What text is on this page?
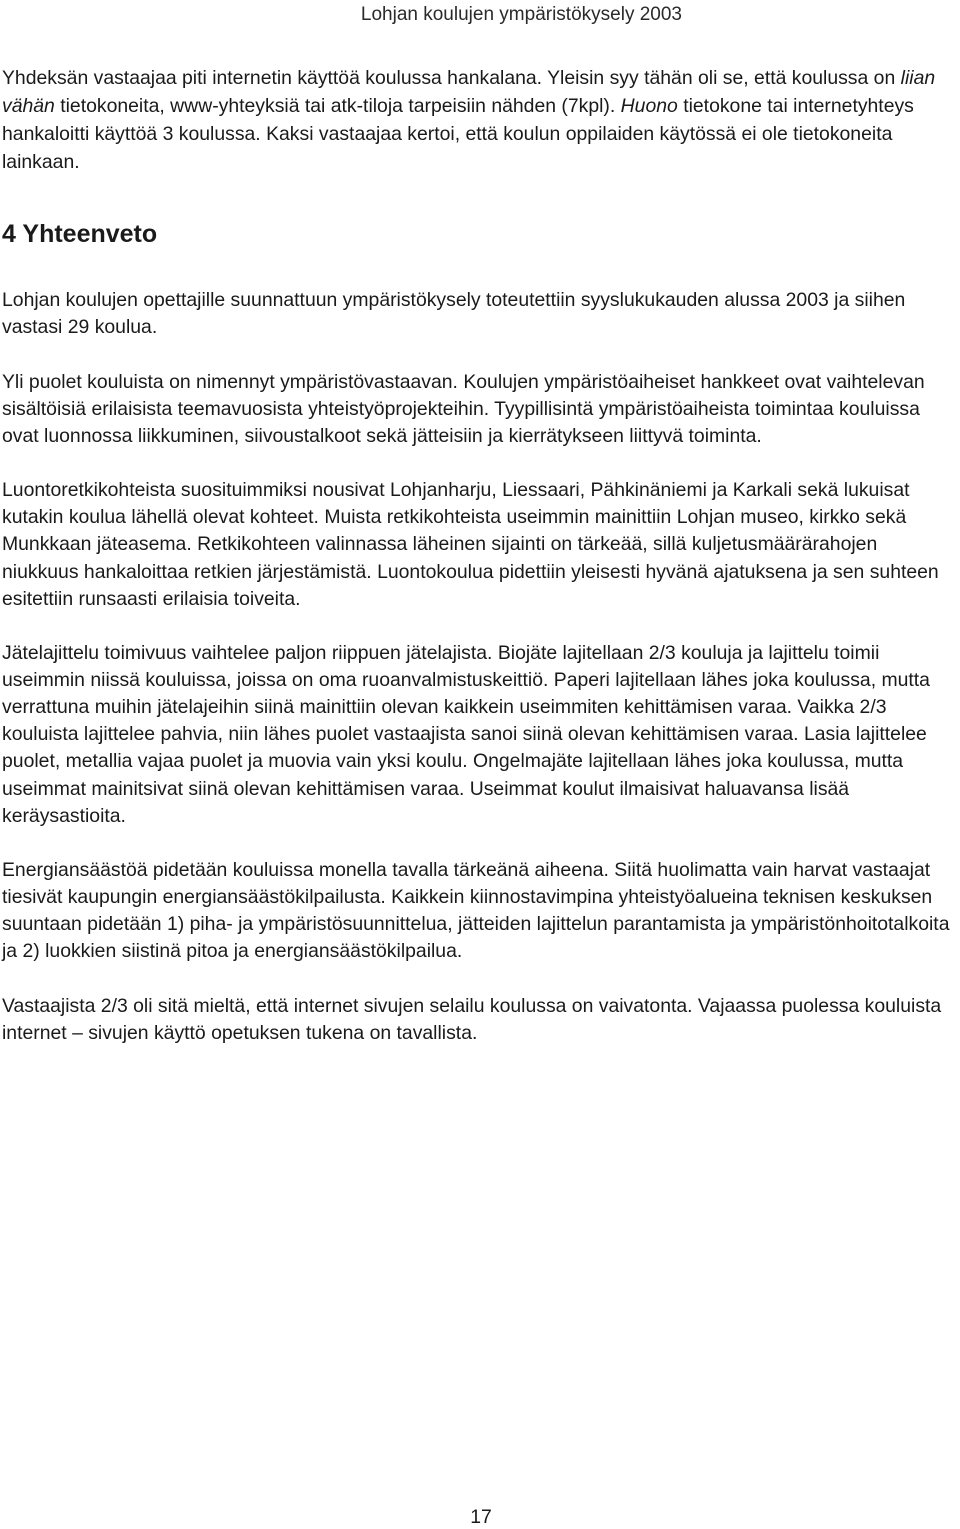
Lohjan koulujen ympäristökysely 2003

Yhdeksän vastaajaa piti internetin käyttöä koulussa hankalana. Yleisin syy tähän oli se, että koulussa on liian vähän tietokoneita, www-yhteyksiä tai atk-tiloja tarpeisiin nähden (7kpl). Huono tietokone tai internetyhteys hankaloitti käyttöä 3 koulussa. Kaksi vastaajaa kertoi, että koulun oppilaiden käytössä ei ole tietokoneita lainkaan.

4 Yhteenveto

Lohjan koulujen opettajille suunnattuun ympäristökysely toteutettiin syyslukukauden alussa 2003 ja siihen vastasi 29 koulua.

Yli puolet kouluista on nimennyt ympäristövastaavan. Koulujen ympäristöaiheiset hankkeet ovat vaihtelevan sisältöisiä erilaisista teemavuosista yhteistyöprojekteihin. Tyypillisintä ympäristöaiheista toimintaa kouluissa ovat luonnossa liikkuminen, siivoustalkoot sekä jätteisiin ja kierrätykseen liittyvä toiminta.

Luontoretkikohteista suosituimmiksi nousivat Lohjanharju, Liessaari, Pähkinäniemi ja Karkali sekä lukuisat kutakin koulua lähellä olevat kohteet. Muista retkikohteista useimmin mainittiin Lohjan museo, kirkko sekä Munkkaan jäteasema. Retkikohteen valinnassa läheinen sijainti on tärkeää, sillä kuljetusmäärärahojen niukkuus hankaloittaa retkien järjestämistä. Luontokoulua pidettiin yleisesti hyvänä ajatuksena ja sen suhteen esitettiin runsaasti erilaisia toiveita.

Jätelajittelu toimivuus vaihtelee paljon riippuen jätelajista. Biojäte lajitellaan 2/3 kouluja ja lajittelu toimii useimmin niissä kouluissa, joissa on oma ruoanvalmistuskeittiö. Paperi lajitellaan lähes joka koulussa, mutta verrattuna muihin jätelajeihin siinä mainittiin olevan kaikkein useimmiten kehittämisen varaa. Vaikka 2/3 kouluista lajittelee pahvia, niin lähes puolet vastaajista sanoi siinä olevan kehittämisen varaa. Lasia lajittelee puolet, metallia vajaa puolet ja muovia vain yksi koulu. Ongelmajäte lajitellaan lähes joka koulussa, mutta useimmat mainitsivat siinä olevan kehittämisen varaa. Useimmat koulut ilmaisivat haluavansa lisää keräysastioita.

Energiansäästöä pidetään kouluissa monella tavalla tärkeänä aiheena. Siitä huolimatta vain harvat vastaajat tiesivät kaupungin energiansäästökilpailusta. Kaikkein kiinnostavimpina yhteistyöalueina teknisen keskuksen suuntaan pidetään 1) piha- ja ympäristösuunnittelua, jätteiden lajittelun parantamista ja ympäristönhoitotalkoita ja 2) luokkien siistinä pitoa ja energiansäästökilpailua.

Vastaajista 2/3 oli sitä mieltä, että internet sivujen selailu koulussa on vaivatonta. Vajaassa puolessa kouluista internet – sivujen käyttö opetuksen tukena on tavallista.

17
